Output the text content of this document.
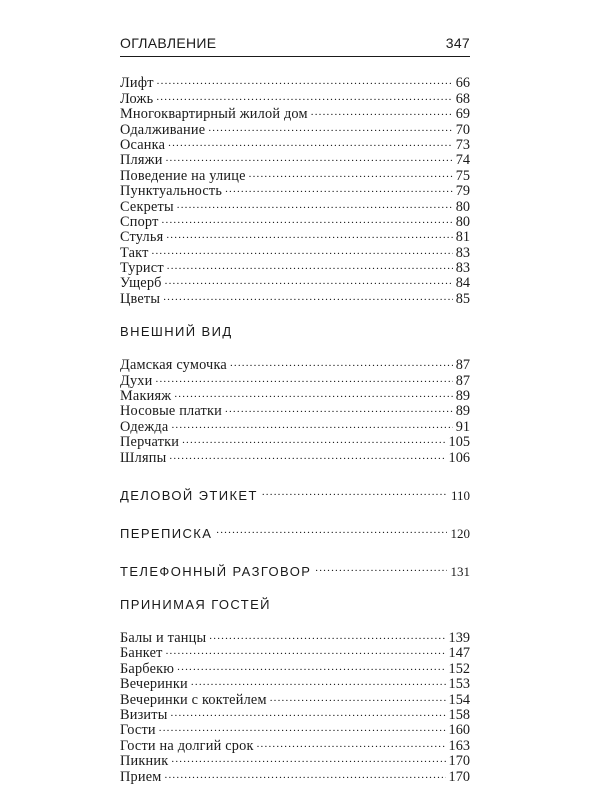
ОГЛАВЛЕНИЕ	347
Лифт .....	66
Ложь .....	68
Многоквартирный жилой дом .....	69
Одалживание .....	70
Осанка .....	73
Пляжи .....	74
Поведение на улице .....	75
Пунктуальность .....	79
Секреты .....	80
Спорт .....	80
Стулья .....	81
Такт .....	83
Турист .....	83
Ущерб .....	84
Цветы .....	85
ВНЕШНИЙ ВИД
Дамская сумочка .....	87
Духи .....	87
Макияж .....	89
Носовые платки .....	89
Одежда .....	91
Перчатки .....	105
Шляпы .....	106
ДЕЛОВОЙ ЭТИКЕТ .....	110
ПЕРЕПИСКА .....	120
ТЕЛЕФОННЫЙ РАЗГОВОР .....	131
ПРИНИМАЯ ГОСТЕЙ
Балы и танцы .....	139
Банкет .....	147
Барбекю .....	152
Вечеринки .....	153
Вечеринки с коктейлем .....	154
Визиты .....	158
Гости .....	160
Гости на долгий срок .....	163
Пикник .....	170
Прием .....	170
